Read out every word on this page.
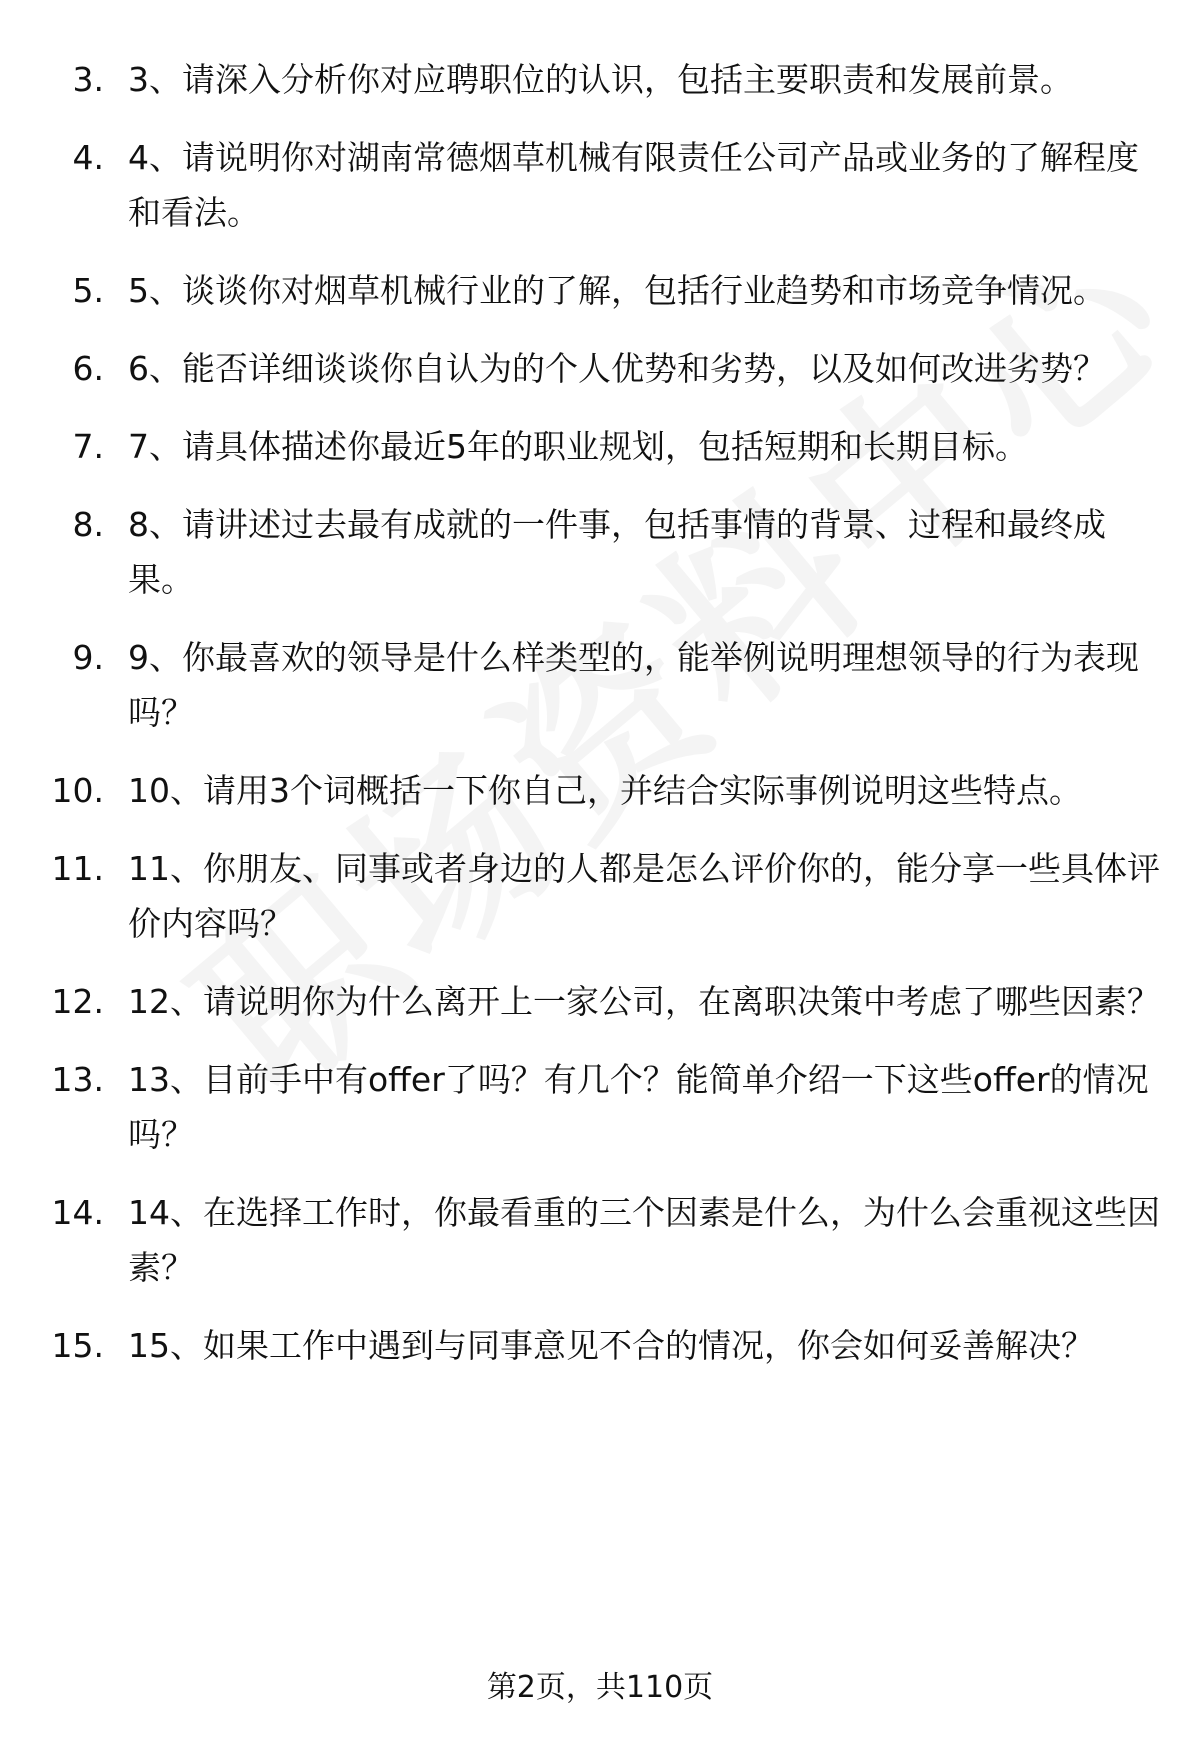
3. 3、请深入分析你对应聘职位的认识，包括主要职责和发展前景。
4. 4、请说明你对湖南常德烟草机械有限责任公司产品或业务的了解程度和看法。
5. 5、谈谈你对烟草机械行业的了解，包括行业趋势和市场竞争情况。
6. 6、能否详细谈谈你自认为的个人优势和劣势，以及如何改进劣势？
7. 7、请具体描述你最近5年的职业规划，包括短期和长期目标。
8. 8、请讲述过去最有成就的一件事，包括事情的背景、过程和最终成果。
9. 9、你最喜欢的领导是什么样类型的，能举例说明理想领导的行为表现吗？
10. 10、请用3个词概括一下你自己，并结合实际事例说明这些特点。
11. 11、你朋友、同事或者身边的人都是怎么评价你的，能分享一些具体评价内容吗？
12. 12、请说明你为什么离开上一家公司，在离职决策中考虑了哪些因素？
13. 13、目前手中有offer了吗？有几个？能简单介绍一下这些offer的情况吗？
14. 14、在选择工作时，你最看重的三个因素是什么，为什么会重视这些因素？
15. 15、如果工作中遇到与同事意见不合的情况，你会如何妥善解决？
第2页，共110页
